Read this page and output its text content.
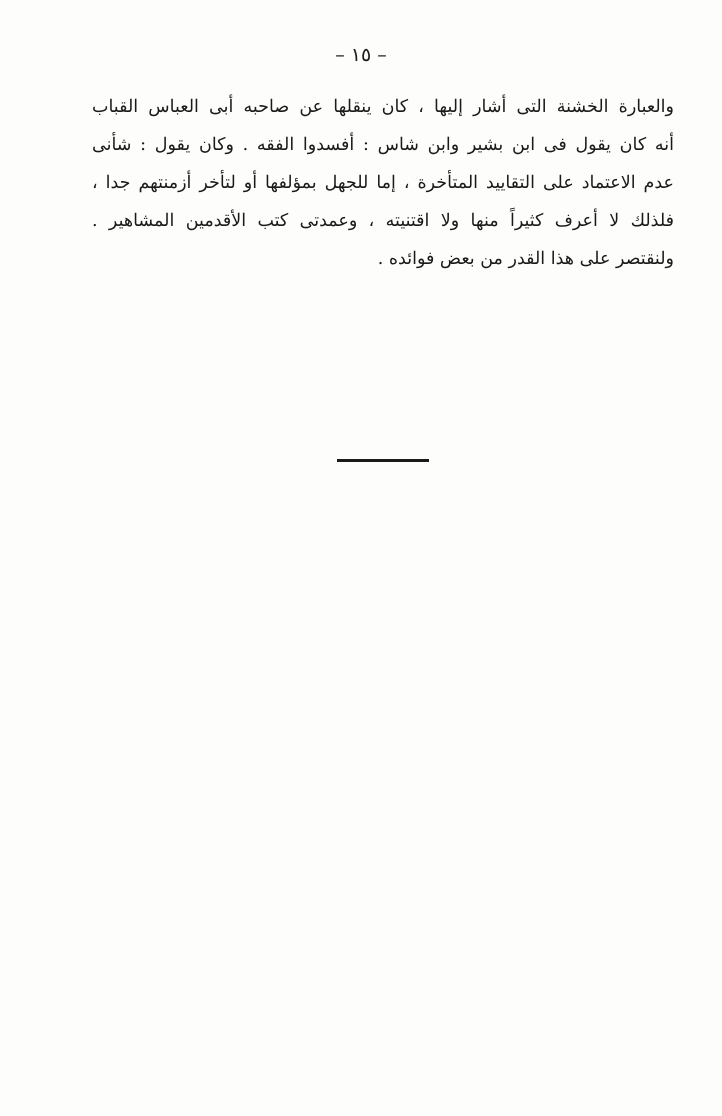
– ١٥ –
والعبارة الخشنة التى أشار إليها ، كان ينقلها عن صاحبه أبى العباس القباب
أنه كان يقول فى ابن بشير وابن شاس : أفسدوا الفقه . وكان يقول : شأنى
عدم الاعتماد على التقاييد المتأخرة ، إما للجهل بمؤلفها أو لتأخر أزمنتهم جدا ،
فلذلك لا أعرف كثيراً منها ولا اقتنيته ، وعمدتى كتب الأقدمين المشاهير .
ولنقتصر على هذا القدر من بعض فوائده .
